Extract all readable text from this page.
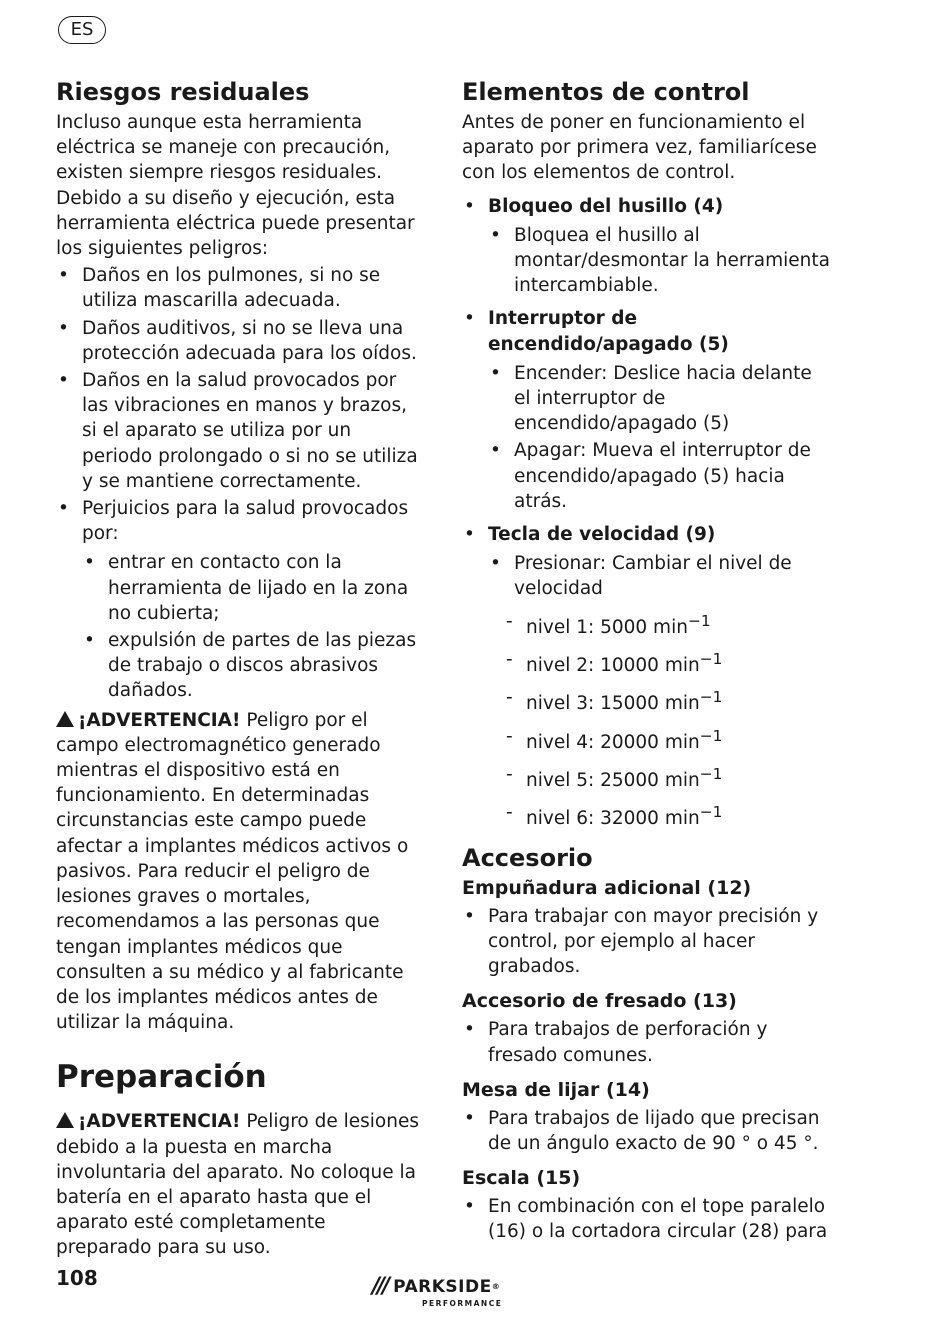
ES
Riesgos residuales

Incluso aunque esta herramienta eléctrica se maneje con precaución, existen siempre riesgos residuales. Debido a su diseño y ejecución, esta herramienta eléctrica puede presentar los siguientes peligros:

• Daños en los pulmones, si no se utiliza mascarilla adecuada.
• Daños auditivos, si no se lleva una protección adecuada para los oídos.
• Daños en la salud provocados por las vibraciones en manos y brazos, si el aparato se utiliza por un periodo prolongado o si no se utiliza y se mantiene correctamente.
• Perjuicios para la salud provocados por:
• entrar en contacto con la herramienta de lijado en la zona no cubierta;
• expulsión de partes de las piezas de trabajo o discos abrasivos dañados.

¡ADVERTENCIA! Peligro por el campo electromagnético generado mientras el dispositivo está en funcionamiento. En determinadas circunstancias este campo puede afectar a implantes médicos activos o pasivos. Para reducir el peligro de lesiones graves o mortales, recomendamos a las personas que tengan implantes médicos que consulten a su médico y al fabricante de los implantes médicos antes de utilizar la máquina.

Preparación

¡ADVERTENCIA! Peligro de lesiones debido a la puesta en marcha involuntaria del aparato. No coloque la batería en el aparato hasta que el aparato esté completamente preparado para su uso.

Elementos de control

Antes de poner en funcionamiento el aparato por primera vez, familiarícese con los elementos de control.

• Bloqueo del husillo (4)
• Bloquea el husillo al montar/desmontar la herramienta intercambiable.
• Interruptor de encendido/apagado (5)
• Encender: Deslice hacia delante el interruptor de encendido/apagado (5)
• Apagar: Mueva el interruptor de encendido/apagado (5) hacia atrás.
• Tecla de velocidad (9)
• Presionar: Cambiar el nivel de velocidad
- nivel 1: 5000 $\min^{-1}$
- nivel 2: 10000 $\min^{-1}$
- nivel 3: 15000 $\min^{-1}$
- nivel 4: 20000 $\min^{-1}$
- nivel 5: 25000 $\min^{-1}$
- nivel 6: 32000 $\min^{-1}$
Accesorio
Empuñadura adicional (12)
• Para trabajar con mayor precisión y control, por ejemplo al hacer grabados.
Accesorio de fresado (13)
• Para trabajos de perforación y fresado comunes.
Mesa de lijar (14)
• Para trabajos de lijado que precisan de un ángulo exacto de 90 ° o 45 °.
Escala (15)
• En combinación con el tope paralelo (16) o la cortadora circular (28) para
108	/// PARKSIDE®
PERFORMANCE
